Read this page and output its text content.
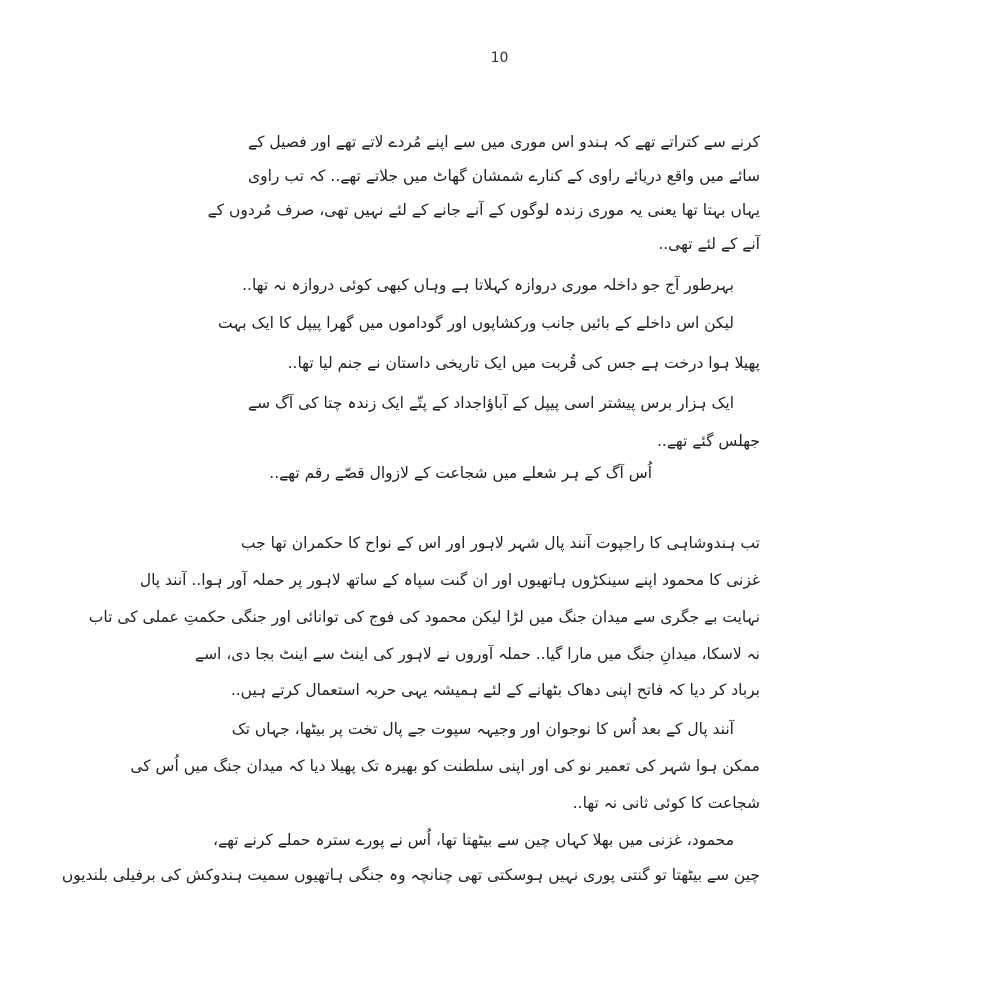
10
کرنے سے کتراتے تھے کہ ہندو اس موری میں سے اپنے مُردے لاتے تھے اور فصیل کے
سائے میں واقع دریائے راوی کے کنارے شمشان گھاٹ میں جلاتے تھے.. کہ تب راوی
یہاں بہتا تھا یعنی یہ موری زندہ لوگوں کے آنے جانے کے لئے نہیں تھی، صرف مُردوں کے
آنے کے لئے تھی..
بہرطور آج جو داخلہ موری دروازہ کہلاتا ہے وہاں کبھی کوئی دروازہ نہ تھا..
لیکن اس داخلے کے بائیں جانب ورکشاپوں اور گوداموں میں گھرا پیپل کا ایک بہت
پھیلا ہوا درخت ہے جس کی قُربت میں ایک تاریخی داستان نے جنم لیا تھا..
ایک ہزار برس پیشتر اسی پیپل کے آباؤاجداد کے پتّے ایک زندہ چتا کی آگ سے
جھلس گئے تھے..
اُس آگ کے ہر شعلے میں شجاعت کے لازوال قصّے رقم تھے..
تب ہندوشاہی کا راجپوت آنند پال شہر لاہور اور اس کے نواح کا حکمران تھا جب
غزنی کا محمود اپنے سینکڑوں ہاتھیوں اور ان گنت سپاہ کے ساتھ لاہور پر حملہ آور ہوا.. آنند پال
نہایت بے جگری سے میدان جنگ میں لڑا لیکن محمود کی فوج کی توانائی اور جنگی حکمتِ عملی کی تاب
نہ لاسکا، میدانِ جنگ میں مارا گیا.. حملہ آوروں نے لاہور کی اینٹ سے اینٹ بجا دی، اسے
برباد کر دیا کہ فاتح اپنی دھاک بٹھانے کے لئے ہمیشہ یہی حربہ استعمال کرتے ہیں..
آنند پال کے بعد اُس کا نوجوان اور وجیہہ سپوت جے پال تخت پر بیٹھا، جہاں تک
ممکن ہوا شہر کی تعمیر نو کی اور اپنی سلطنت کو بھیرہ تک پھیلا دیا کہ میدان جنگ میں اُس کی
شجاعت کا کوئی ثانی نہ تھا..
محمود، غزنی میں بھلا کہاں چین سے بیٹھتا تھا، اُس نے پورے سترہ حملے کرنے تھے،
چین سے بیٹھتا تو گنتی پوری نہیں ہوسکتی تھی چنانچہ وہ جنگی ہاتھیوں سمیت ہندوکش کی برفیلی بلندیوں
